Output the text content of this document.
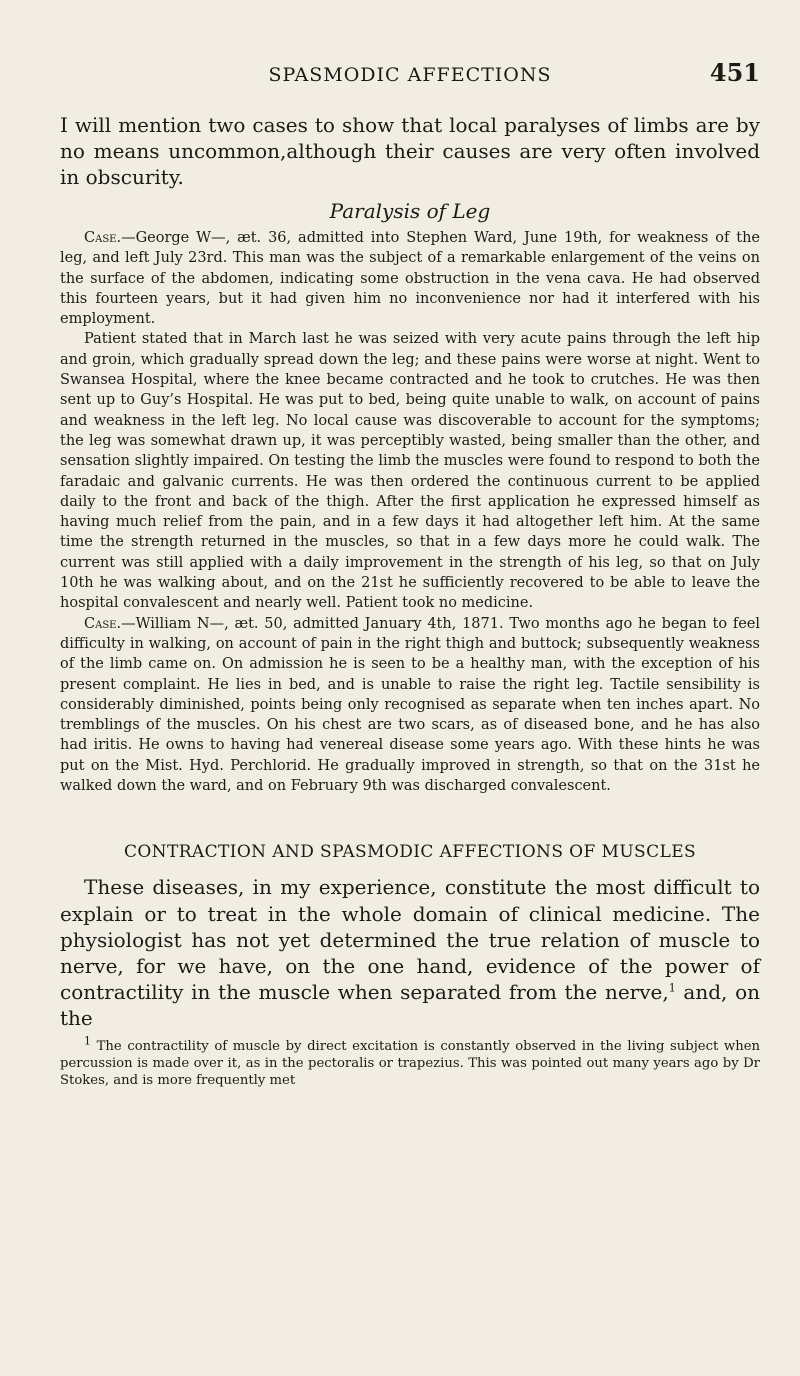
SPASMODIC AFFECTIONS	451

I will mention two cases to show that local paralyses of limbs are by no means uncommon,although their causes are very often involved in obscurity.

Paralysis of Leg

Case.—George W—, æt. 36, admitted into Stephen Ward, June 19th, for weakness of the leg, and left July 23rd. This man was the subject of a remarkable enlargement of the veins on the surface of the abdomen, indicating some obstruction in the vena cava. He had observed this fourteen years, but it had given him no inconvenience nor had it interfered with his employment.

Patient stated that in March last he was seized with very acute pains through the left hip and groin, which gradually spread down the leg; and these pains were worse at night. Went to Swansea Hospital, where the knee became contracted and he took to crutches. He was then sent up to Guy’s Hospital. He was put to bed, being quite unable to walk, on account of pains and weakness in the left leg. No local cause was discoverable to account for the symptoms; the leg was somewhat drawn up, it was perceptibly wasted, being smaller than the other, and sensation slightly impaired. On testing the limb the muscles were found to respond to both the faradaic and galvanic currents. He was then ordered the continuous current to be applied daily to the front and back of the thigh. After the first application he expressed himself as having much relief from the pain, and in a few days it had altogether left him. At the same time the strength returned in the muscles, so that in a few days more he could walk. The current was still applied with a daily improvement in the strength of his leg, so that on July 10th he was walking about, and on the 21st he sufficiently recovered to be able to leave the hospital convalescent and nearly well. Patient took no medicine.

Case.—William N—, æt. 50, admitted January 4th, 1871. Two months ago he began to feel difficulty in walking, on account of pain in the right thigh and buttock; subsequently weakness of the limb came on. On admission he is seen to be a healthy man, with the exception of his present complaint. He lies in bed, and is unable to raise the right leg. Tactile sensibility is considerably diminished, points being only recognised as separate when ten inches apart. No tremblings of the muscles. On his chest are two scars, as of diseased bone, and he has also had iritis. He owns to having had venereal disease some years ago. With these hints he was put on the Mist. Hyd. Perchlorid. He gradually improved in strength, so that on the 31st he walked down the ward, and on February 9th was discharged convalescent.

CONTRACTION AND SPASMODIC AFFECTIONS OF MUSCLES

These diseases, in my experience, constitute the most difficult to explain or to treat in the whole domain of clinical medicine. The physiologist has not yet determined the true relation of muscle to nerve, for we have, on the one hand, evidence of the power of contractility in the muscle when separated from the nerve,$^1$ and, on the

$^1$ The contractility of muscle by direct excitation is constantly observed in the living subject when percussion is made over it, as in the pectoralis or trapezius. This was pointed out many years ago by Dr Stokes, and is more frequently met
